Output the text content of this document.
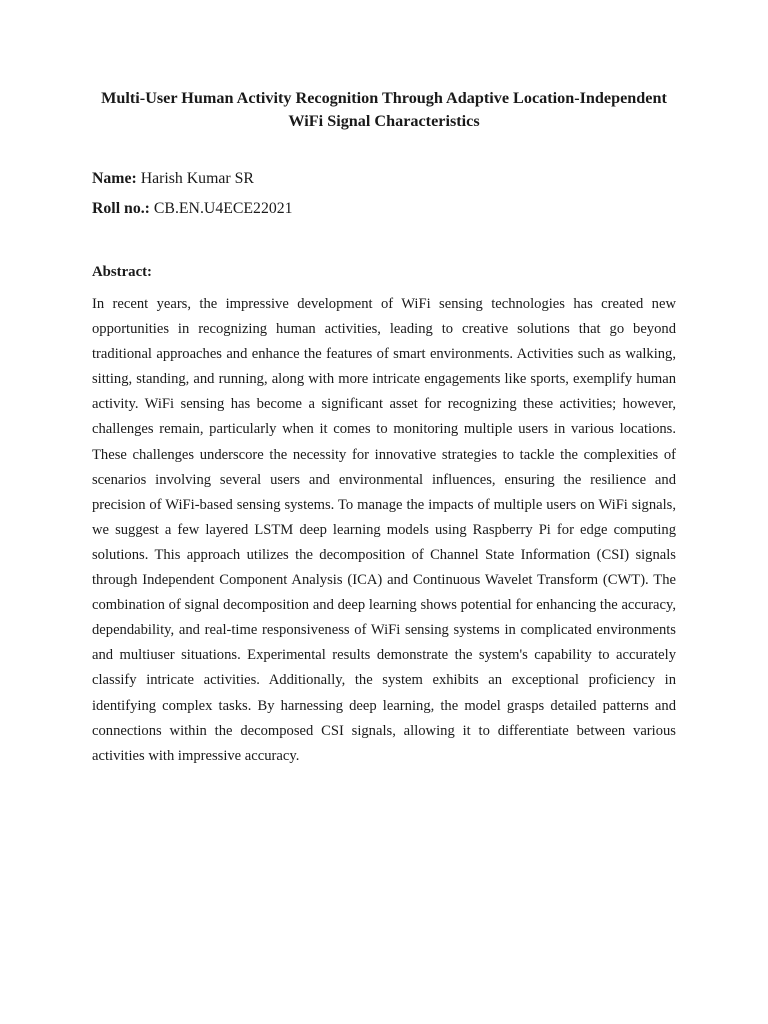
Multi-User Human Activity Recognition Through Adaptive Location-Independent WiFi Signal Characteristics
Name: Harish Kumar SR
Roll no.: CB.EN.U4ECE22021
Abstract:

In recent years, the impressive development of WiFi sensing technologies has created new opportunities in recognizing human activities, leading to creative solutions that go beyond traditional approaches and enhance the features of smart environments. Activities such as walking, sitting, standing, and running, along with more intricate engagements like sports, exemplify human activity. WiFi sensing has become a significant asset for recognizing these activities; however, challenges remain, particularly when it comes to monitoring multiple users in various locations. These challenges underscore the necessity for innovative strategies to tackle the complexities of scenarios involving several users and environmental influences, ensuring the resilience and precision of WiFi-based sensing systems. To manage the impacts of multiple users on WiFi signals, we suggest a few layered LSTM deep learning models using Raspberry Pi for edge computing solutions. This approach utilizes the decomposition of Channel State Information (CSI) signals through Independent Component Analysis (ICA) and Continuous Wavelet Transform (CWT). The combination of signal decomposition and deep learning shows potential for enhancing the accuracy, dependability, and real-time responsiveness of WiFi sensing systems in complicated environments and multiuser situations. Experimental results demonstrate the system's capability to accurately classify intricate activities. Additionally, the system exhibits an exceptional proficiency in identifying complex tasks. By harnessing deep learning, the model grasps detailed patterns and connections within the decomposed CSI signals, allowing it to differentiate between various activities with impressive accuracy.
